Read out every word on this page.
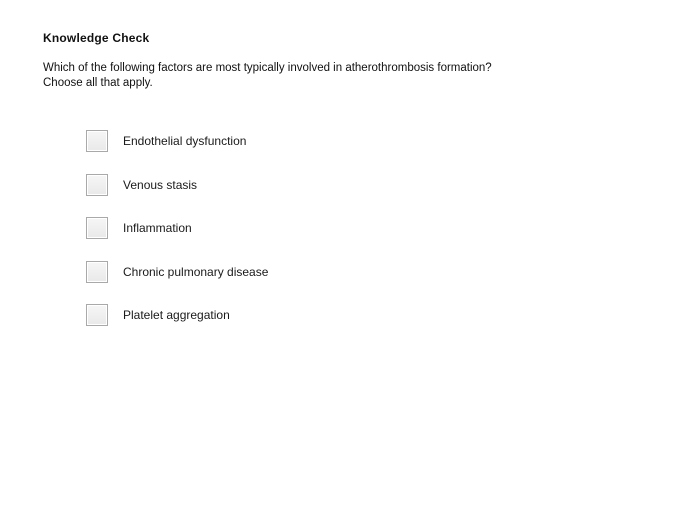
Knowledge Check
Which of the following factors are most typically involved in atherothrombosis formation?
Choose all that apply.
Endothelial dysfunction
Venous stasis
Inflammation
Chronic pulmonary disease
Platelet aggregation
